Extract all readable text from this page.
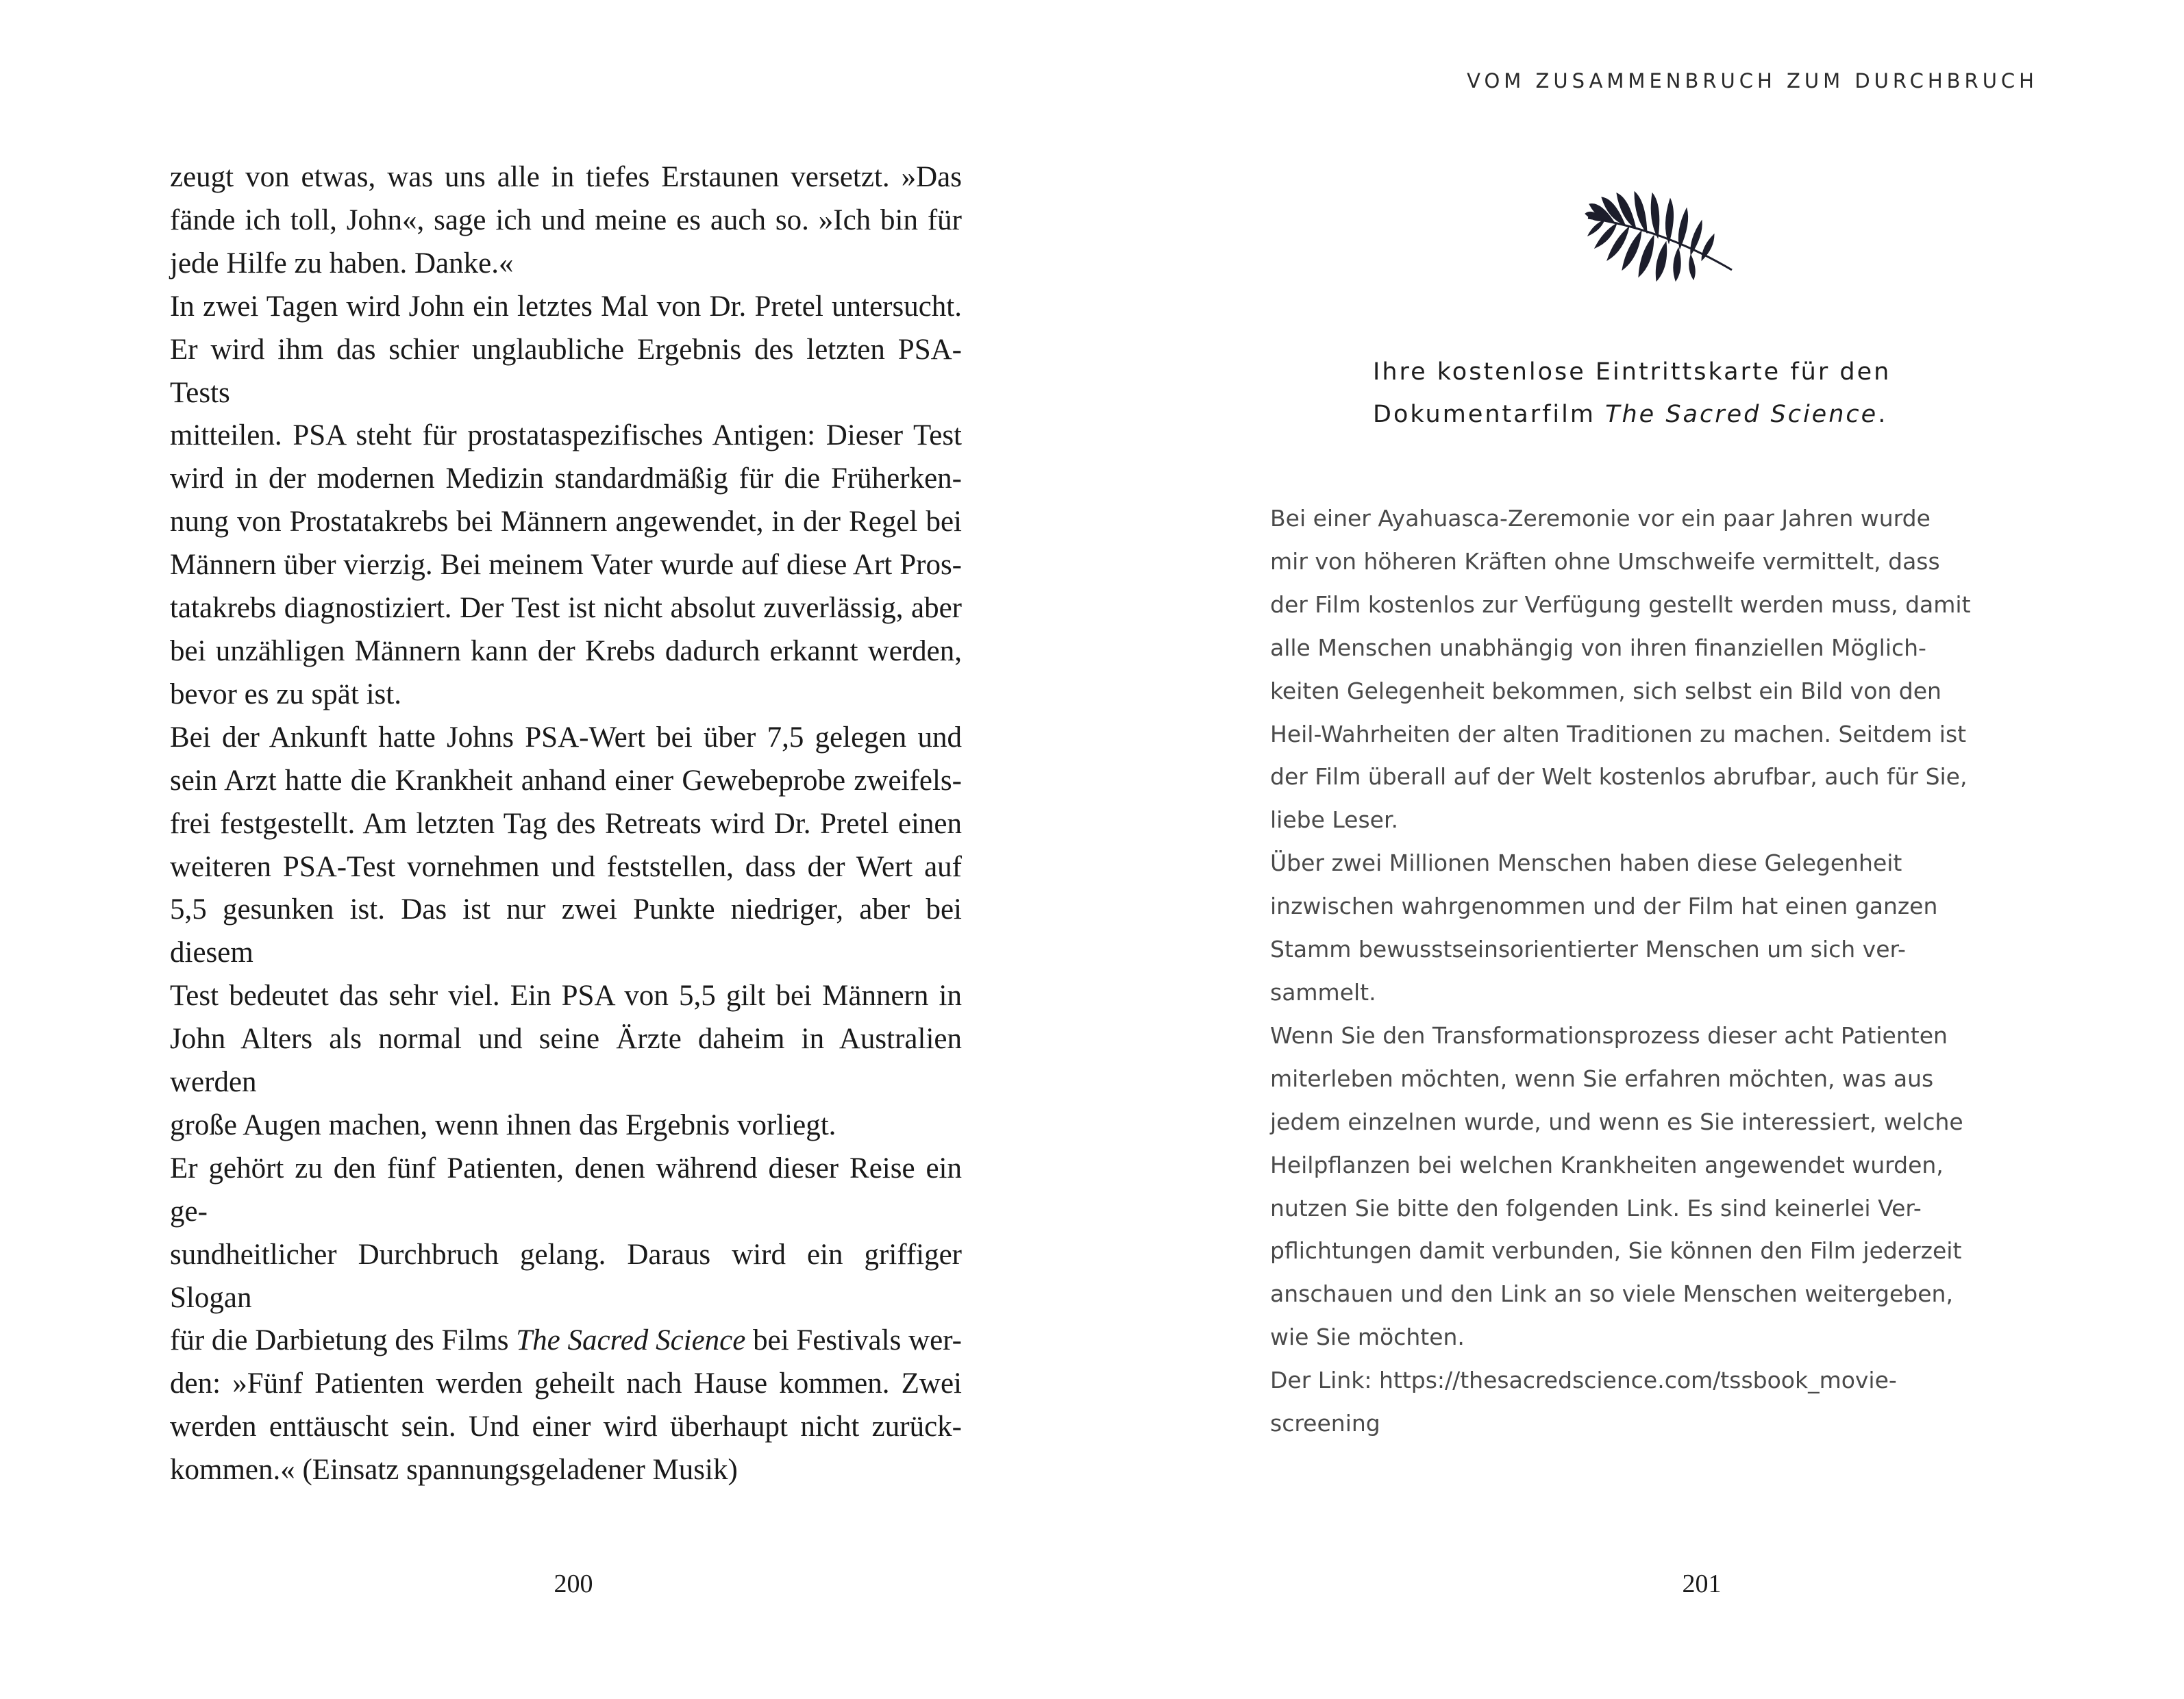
zeugt von etwas, was uns alle in tiefes Erstaunen versetzt. »Das
fände ich toll, John«, sage ich und meine es auch so. »Ich bin für
jede Hilfe zu haben. Danke.«

In zwei Tagen wird John ein letztes Mal von Dr. Pretel untersucht.
Er wird ihm das schier unglaubliche Ergebnis des letzten PSA-Tests
mitteilen. PSA steht für prostataspezifisches Antigen: Dieser Test
wird in der modernen Medizin standardmäßig für die Früherken-
nung von Prostatakrebs bei Männern angewendet, in der Regel bei
Männern über vierzig. Bei meinem Vater wurde auf diese Art Pros-
tatakrebs diagnostiziert. Der Test ist nicht absolut zuverlässig, aber
bei unzähligen Männern kann der Krebs dadurch erkannt werden,
bevor es zu spät ist.

Bei der Ankunft hatte Johns PSA-Wert bei über 7,5 gelegen und
sein Arzt hatte die Krankheit anhand einer Gewebeprobe zweifels-
frei festgestellt. Am letzten Tag des Retreats wird Dr. Pretel einen
weiteren PSA-Test vornehmen und feststellen, dass der Wert auf
5,5 gesunken ist. Das ist nur zwei Punkte niedriger, aber bei diesem
Test bedeutet das sehr viel. Ein PSA von 5,5 gilt bei Männern in
John Alters als normal und seine Ärzte daheim in Australien werden
große Augen machen, wenn ihnen das Ergebnis vorliegt.

Er gehört zu den fünf Patienten, denen während dieser Reise ein ge-
sundheitlicher Durchbruch gelang. Daraus wird ein griffiger Slogan
für die Darbietung des Films The Sacred Science bei Festivals wer-
den: »Fünf Patienten werden geheilt nach Hause kommen. Zwei
werden enttäuscht sein. Und einer wird überhaupt nicht zurück-
kommen.« (Einsatz spannungsgeladener Musik)

200
VOM ZUSAMMENBRUCH ZUM DURCHBRUCH
Ihre kostenlose Eintrittskarte für den
Dokumentarfilm The Sacred Science.
Bei einer Ayahuasca-Zeremonie vor ein paar Jahren wurde
mir von höheren Kräften ohne Umschweife vermittelt, dass
der Film kostenlos zur Verfügung gestellt werden muss, damit
alle Menschen unabhängig von ihren finanziellen Möglich-
keiten Gelegenheit bekommen, sich selbst ein Bild von den
Heil-Wahrheiten der alten Traditionen zu machen. Seitdem ist
der Film überall auf der Welt kostenlos abrufbar, auch für Sie,
liebe Leser.
Über zwei Millionen Menschen haben diese Gelegenheit
inzwischen wahrgenommen und der Film hat einen ganzen
Stamm bewusstseinsorientierter Menschen um sich ver-
sammelt.
Wenn Sie den Transformationsprozess dieser acht Patienten
miterleben möchten, wenn Sie erfahren möchten, was aus
jedem einzelnen wurde, und wenn es Sie interessiert, welche
Heilpflanzen bei welchen Krankheiten angewendet wurden,
nutzen Sie bitte den folgenden Link. Es sind keinerlei Ver-
pflichtungen damit verbunden, Sie können den Film jederzeit
anschauen und den Link an so viele Menschen weitergeben,
wie Sie möchten.
Der Link: https://thesacredscience.com/tssbook_movie-
screening
201
